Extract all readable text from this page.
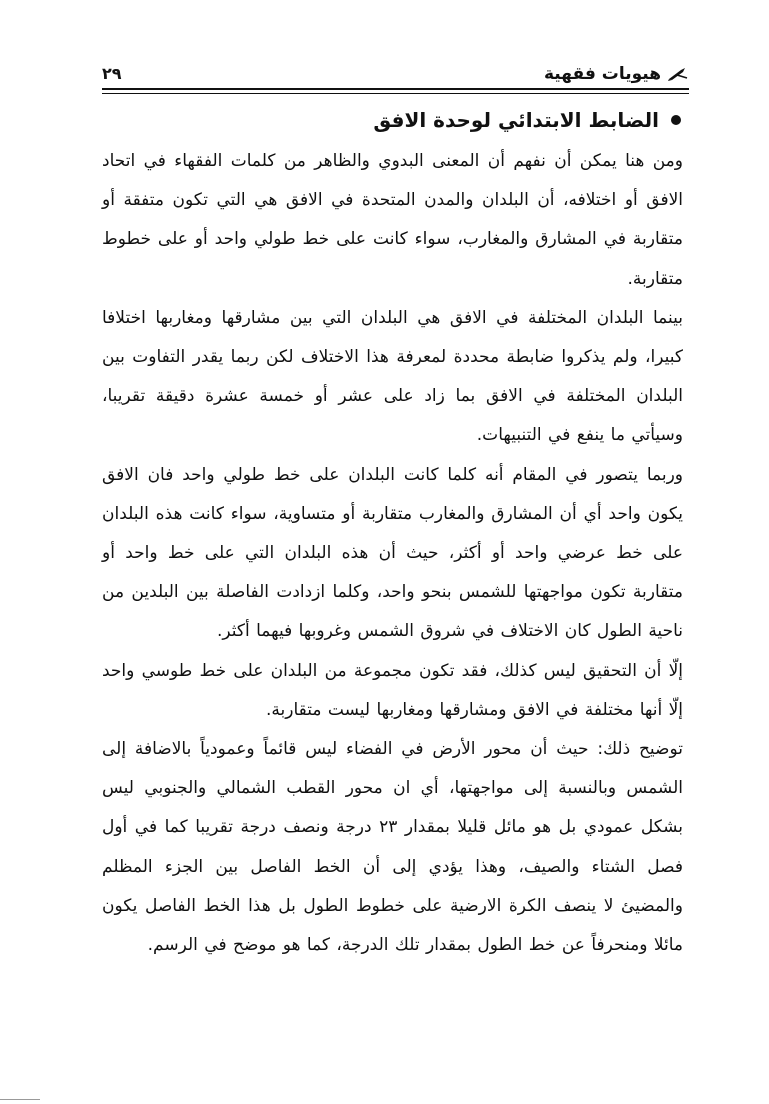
٢٩	هيويات فقهية
الضابط الابتدائي لوحدة الافق

ومن هنا يمكن أن نفهم أن المعنى البدوي والظاهر من كلمات الفقهاء في اتحاد الافق أو اختلافه، أن البلدان والمدن المتحدة في الافق هي التي تكون متفقة أو متقاربة في المشارق والمغارب، سواء كانت على خط طولي واحد أو على خطوط متقاربة.

بينما البلدان المختلفة في الافق هي البلدان التي بين مشارقها ومغاربها اختلافا كبيرا، ولم يذكروا ضابطة محددة لمعرفة هذا الاختلاف لكن ربما يقدر التفاوت بين البلدان المختلفة في الافق بما زاد على عشر أو خمسة عشرة دقيقة تقريبا، وسيأتي ما ينفع في التنبيهات.

وربما يتصور في المقام أنه كلما كانت البلدان على خط طولي واحد فان الافق يكون واحد أي أن المشارق والمغارب متقاربة أو متساوية، سواء كانت هذه البلدان على خط عرضي واحد أو أكثر، حيث أن هذه البلدان التي على خط واحد أو متقاربة تكون مواجهتها للشمس بنحو واحد، وكلما ازدادت الفاصلة بين البلدين من ناحية الطول كان الاختلاف في شروق الشمس وغروبها فيهما أكثر.

إلّا أن التحقيق ليس كذلك، فقد تكون مجموعة من البلدان على خط طوسي واحد إلّا أنها مختلفة في الافق ومشارقها ومغاربها ليست متقاربة.

توضيح ذلك: حيث أن محور الأرض في الفضاء ليس قائماً وعمودياً بالاضافة إلى الشمس وبالنسبة إلى مواجهتها، أي ان محور القطب الشمالي والجنوبي ليس بشكل عمودي بل هو مائل قليلا بمقدار ٢٣ درجة ونصف درجة تقريبا كما في أول فصل الشتاء والصيف، وهذا يؤدي إلى أن الخط الفاصل بين الجزء المظلم والمضيئ لا ينصف الكرة الارضية على خطوط الطول بل هذا الخط الفاصل يكون مائلا ومنحرفاً عن خط الطول بمقدار تلك الدرجة، كما هو موضح في الرسم.
